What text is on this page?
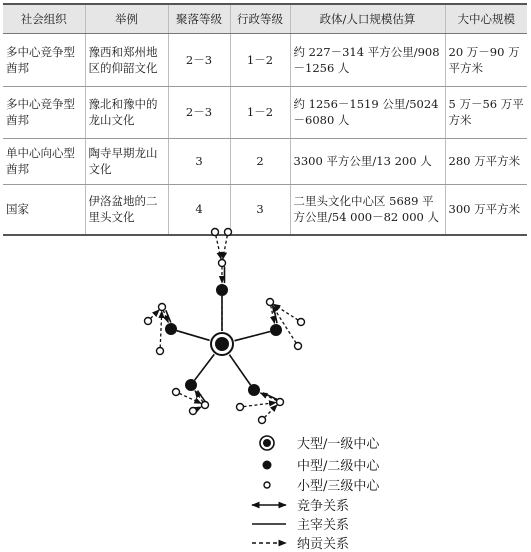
社会组织	举例	聚落等级	行政等级	政体/人口规模估算	大中心规模
多中心竞争型酋邦	豫西和郑州地区的仰韶文化	2－3	1－2	约 227－314 平方公里/908－1256 人	20 万－90 万平方米
多中心竞争型酋邦	豫北和豫中的龙山文化	2－3	1－2	约 1256－1519 公里/5024－6080 人	5 万－56 万平方米
单中心向心型酋邦	陶寺早期龙山文化	3	2	3300 平方公里/13 200 人	280 万平方米
国家	伊洛盆地的二里头文化	4	3	二里头文化中心区 5689 平方公里/54 000－82 000 人	300 万平方米
大型/一级中心
中型/二级中心
小型/三级中心
竞争关系
主宰关系
纳贡关系
